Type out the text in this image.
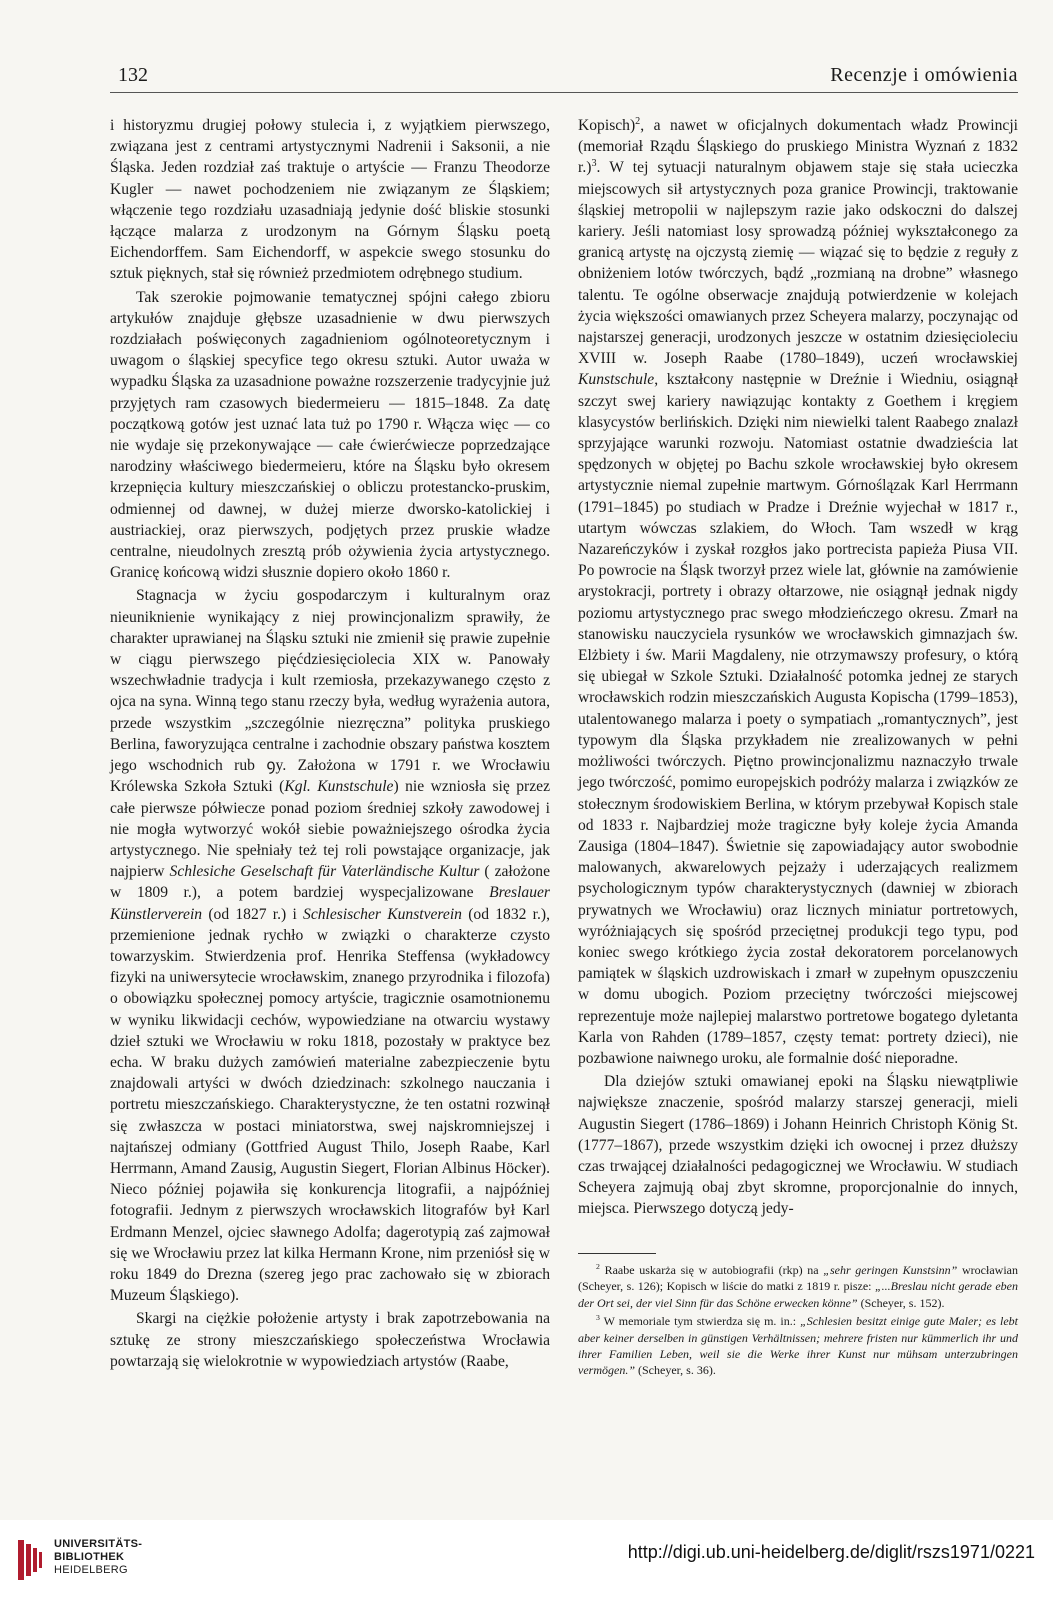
132	Recenzje i omówienia

i historyzmu drugiej połowy stulecia i, z wyjątkiem pierwszego, związana jest z centrami artystycznymi Nadrenii i Saksonii, a nie Śląska. Jeden rozdział zaś traktuje o artyście — Franzu Theodorze Kugler — nawet pochodzeniem nie związanym ze Śląskiem; włączenie tego rozdziału uzasadniają jedynie dość bliskie stosunki łączące malarza z urodzonym na Górnym Śląsku poetą Eichendorffem. Sam Eichendorff, w aspekcie swego stosunku do sztuk pięknych, stał się również przedmiotem odrębnego studium.

Tak szerokie pojmowanie tematycznej spójni całego zbioru artykułów znajduje głębsze uzasadnienie w dwu pierwszych rozdziałach poświęconych zagadnieniom ogólnoteoretycznym i uwagom o śląskiej specyfice tego okresu sztuki. Autor uważa w wypadku Śląska za uzasadnione poważne rozszerzenie tradycyjnie już przyjętych ram czasowych biedermeieru — 1815–1848. Za datę początkową gotów jest uznać lata tuż po 1790 r. Włącza więc — co nie wydaje się przekonywające — całe ćwierćwiecze poprzedzające narodziny właściwego biedermeieru, które na Śląsku było okresem krzepnięcia kultury mieszczańskiej o obliczu protestancko-pruskim, odmiennej od dawnej, w dużej mierze dworsko-katolickiej i austriackiej, oraz pierwszych, podjętych przez pruskie władze centralne, nieudolnych zresztą prób ożywienia życia artystycznego. Granicę końcową widzi słusznie dopiero około 1860 r.

Stagnacja w życiu gospodarczym i kulturalnym oraz nieuniknienie wynikający z niej prowincjonalizm sprawiły, że charakter uprawianej na Śląsku sztuki nie zmienił się prawie zupełnie w ciągu pierwszego pięćdziesięciolecia XIX w. Panowały wszechwładnie tradycja i kult rzemiosła, przekazywanego często z ojca na syna. Winną tego stanu rzeczy była, według wyrażenia autora, przede wszystkim „szczególnie niezręczna” polityka pruskiego Berlina, faworyzująca centralne i zachodnie obszary państwa kosztem jego wschodnich rub ꝯy. Założona w 1791 r. we Wrocławiu Królewska Szkoła Sztuki (Kgl. Kunstschule) nie wzniosła się przez całe pierwsze półwiecze ponad poziom średniej szkoły zawodowej i nie mogła wytworzyć wokół siebie poważniejszego ośrodka życia artystycznego. Nie spełniały też tej roli powstające organizacje, jak najpierw Schlesiche Geselschaft für Vaterländische Kultur ( założone w 1809 r.), a potem bardziej wyspecjalizowane Breslauer Künstlerverein (od 1827 r.) i Schlesischer Kunstverein (od 1832 r.), przemienione jednak rychło w związki o charakterze czysto towarzyskim. Stwierdzenia prof. Henrika Steffensa (wykładowcy fizyki na uniwersytecie wrocławskim, znanego przyrodnika i filozofa) o obowiązku społecznej pomocy artyście, tragicznie osamotnionemu w wyniku likwidacji cechów, wypowiedziane na otwarciu wystawy dzieł sztuki we Wrocławiu w roku 1818, pozostały w praktyce bez echa. W braku dużych zamówień materialne zabezpieczenie bytu znajdowali artyści w dwóch dziedzinach: szkolnego nauczania i portretu mieszczańskiego. Charakterystyczne, że ten ostatni rozwinął się zwłaszcza w postaci miniatorstwa, swej najskromniejszej i najtańszej odmiany (Gottfried August Thilo, Joseph Raabe, Karl Herrmann, Amand Zausig, Augustin Siegert, Florian Albinus Höcker). Nieco później pojawiła się konkurencja litografii, a najpóźniej fotografii. Jednym z pierwszych wrocławskich litografów był Karl Erdmann Menzel, ojciec sławnego Adolfa; dagerotypią zaś zajmował się we Wrocławiu przez lat kilka Hermann Krone, nim przeniósł się w roku 1849 do Drezna (szereg jego prac zachowało się w zbiorach Muzeum Śląskiego).

Skargi na ciężkie położenie artysty i brak zapotrzebowania na sztukę ze strony mieszczańskiego społeczeństwa Wrocławia powtarzają się wielokrotnie w wypowiedziach artystów (Raabe,

Kopisch)$^2$, a nawet w oficjalnych dokumentach władz Prowincji (memoriał Rządu Śląskiego do pruskiego Ministra Wyznań z 1832 r.)$^3$. W tej sytuacji naturalnym objawem staje się stała ucieczka miejscowych sił artystycznych poza granice Prowincji, traktowanie śląskiej metropolii w najlepszym razie jako odskoczni do dalszej kariery. Jeśli natomiast losy sprowadzą później wykształconego za granicą artystę na ojczystą ziemię — wiązać się to będzie z reguły z obniżeniem lotów twórczych, bądź „rozmianą na drobne” własnego talentu. Te ogólne obserwacje znajdują potwierdzenie w kolejach życia większości omawianych przez Scheyera malarzy, poczynając od najstarszej generacji, urodzonych jeszcze w ostatnim dziesięcioleciu XVIII w. Joseph Raabe (1780–1849), uczeń wrocławskiej Kunstschule, kształcony następnie w Dreźnie i Wiedniu, osiągnął szczyt swej kariery nawiązując kontakty z Goethem i kręgiem klasycystów berlińskich. Dzięki nim niewielki talent Raabego znalazł sprzyjające warunki rozwoju. Natomiast ostatnie dwadzieścia lat spędzonych w objętej po Bachu szkole wrocławskiej było okresem artystycznie niemal zupełnie martwym. Górnoślązak Karl Herrmann (1791–1845) po studiach w Pradze i Dreźnie wyjechał w 1817 r., utartym wówczas szlakiem, do Włoch. Tam wszedł w krąg Nazareńczyków i zyskał rozgłos jako portrecista papieża Piusa VII. Po powrocie na Śląsk tworzył przez wiele lat, głównie na zamówienie arystokracji, portrety i obrazy ołtarzowe, nie osiągnął jednak nigdy poziomu artystycznego prac swego młodzieńczego okresu. Zmarł na stanowisku nauczyciela rysunków we wrocławskich gimnazjach św. Elżbiety i św. Marii Magdaleny, nie otrzymawszy profesury, o którą się ubiegał w Szkole Sztuki. Działalność potomka jednej ze starych wrocławskich rodzin mieszczańskich Augusta Kopischa (1799–1853), utalentowanego malarza i poety o sympatiach „romantycznych”, jest typowym dla Śląska przykładem nie zrealizowanych w pełni możliwości twórczych. Piętno prowincjonalizmu naznaczyło trwale jego twórczość, pomimo europejskich podróży malarza i związków ze stołecznym środowiskiem Berlina, w którym przebywał Kopisch stale od 1833 r. Najbardziej może tragiczne były koleje życia Amanda Zausiga (1804–1847). Świetnie się zapowiadający autor swobodnie malowanych, akwarelowych pejzaży i uderzających realizmem psychologicznym typów charakterystycznych (dawniej w zbiorach prywatnych we Wrocławiu) oraz licznych miniatur portretowych, wyróżniających się spośród przeciętnej produkcji tego typu, pod koniec swego krótkiego życia został dekoratorem porcelanowych pamiątek w śląskich uzdrowiskach i zmarł w zupełnym opuszczeniu w domu ubogich. Poziom przeciętny twórczości miejscowej reprezentuje może najlepiej malarstwo portretowe bogatego dyletanta Karla von Rahden (1789–1857, częsty temat: portrety dzieci), nie pozbawione naiwnego uroku, ale formalnie dość nieporadne.

Dla dziejów sztuki omawianej epoki na Śląsku niewątpliwie największe znaczenie, spośród malarzy starszej generacji, mieli Augustin Siegert (1786–1869) i Johann Heinrich Christoph König St. (1777–1867), przede wszystkim dzięki ich owocnej i przez dłuższy czas trwającej działalności pedagogicznej we Wrocławiu. W studiach Scheyera zajmują obaj zbyt skromne, proporcjonalnie do innych, miejsca. Pierwszego dotyczą jedy-

$^2$ Raabe uskarża się w autobiografii (rkp) na „sehr geringen Kunstsinn” wrocławian (Scheyer, s. 126); Kopisch w liście do matki z 1819 r. pisze: „...Breslau nicht gerade eben der Ort sei, der viel Sinn für das Schöne erwecken könne” (Scheyer, s. 152).

$^3$ W memoriale tym stwierdza się m. in.: „Schlesien besitzt einige gute Maler; es lebt aber keiner derselben in günstigen Verhältnissen; mehrere fristen nur kümmerlich ihr und ihrer Familien Leben, weil sie die Werke ihrer Kunst nur mühsam unterzubringen vermögen.” (Scheyer, s. 36).

UNIVERSITÄTS-
BIBLIOTHEK
HEIDELBERG
http://digi.ub.uni-heidelberg.de/diglit/rszs1971/0221
